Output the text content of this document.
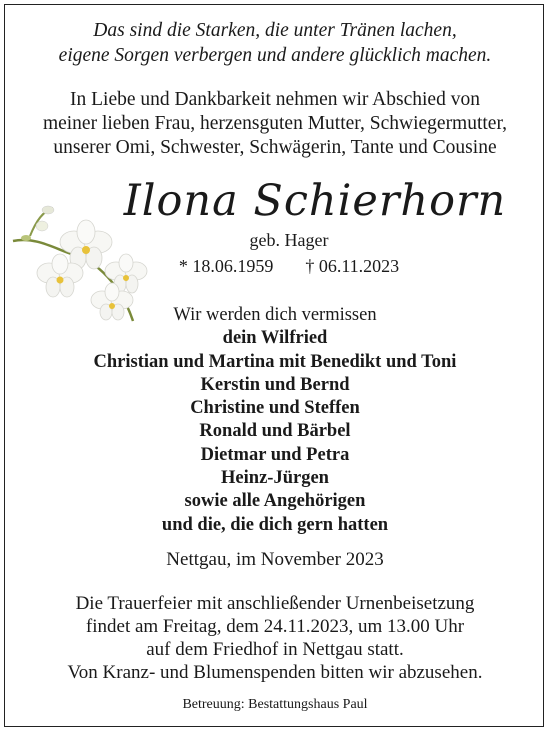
Das sind die Starken, die unter Tränen lachen,

eigene Sorgen verbergen und andere glücklich machen.

In Liebe und Dankbarkeit nehmen wir Abschied von

meiner lieben Frau, herzensguten Mutter, Schwiegermutter,

unserer Omi, Schwester, Schwägerin, Tante und Cousine

Ilona Schierhorn
geb. Hager
* 18.06.1959 † 06.11.2023

Wir werden dich vermissen

dein Wilfried

Christian und Martina mit Benedikt und Toni

Kerstin und Bernd

Christine und Steffen

Ronald und Bärbel

Dietmar und Petra

Heinz-Jürgen

sowie alle Angehörigen

und die, die dich gern hatten

Nettgau, im November 2023

Die Trauerfeier mit anschließender Urnenbeisetzung

findet am Freitag, dem 24.11.2023, um 13.00 Uhr

auf dem Friedhof in Nettgau statt.

Von Kranz- und Blumenspenden bitten wir abzusehen.

Betreuung: Bestattungshaus Paul
